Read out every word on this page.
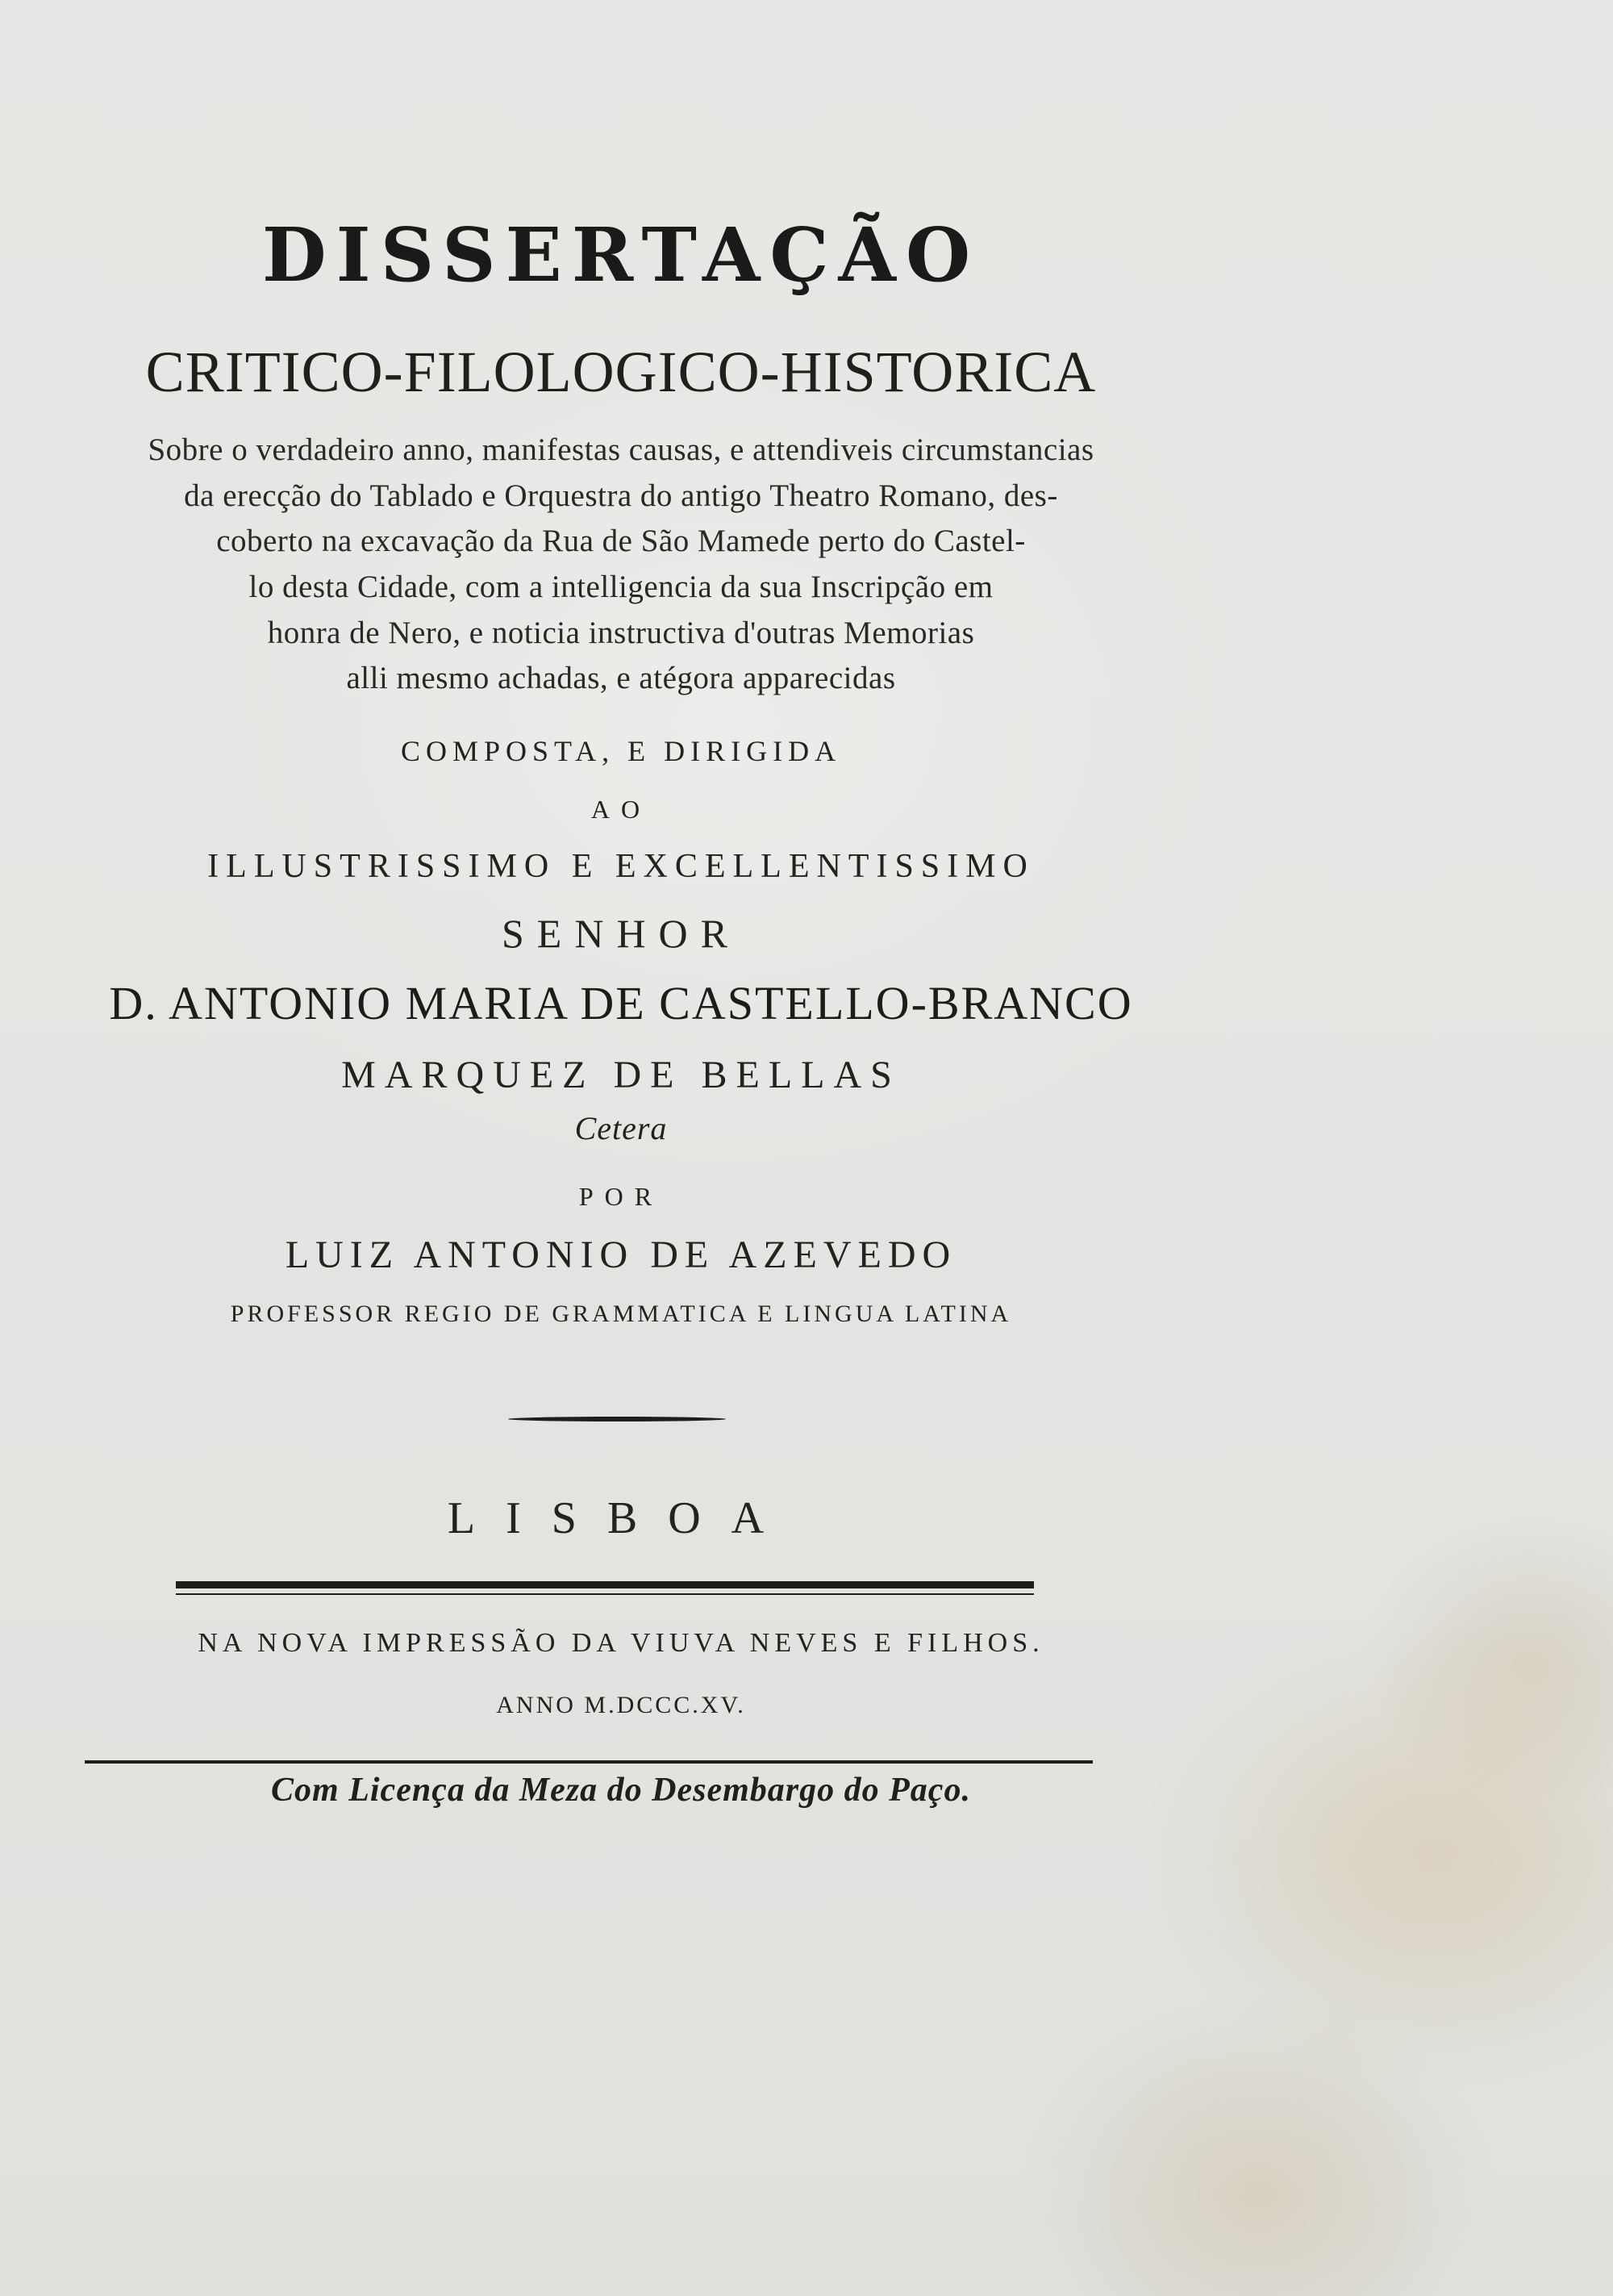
DISSERTAÇÃO
CRITICO-FILOLOGICO-HISTORICA
Sobre o verdadeiro anno, manifestas causas, e attendiveis circumstancias
da erecção do Tablado e Orquestra do antigo Theatro Romano, des-
coberto na excavação da Rua de São Mamede perto do Castel-
lo desta Cidade, com a intelligencia da sua Inscripção em
honra de Nero, e noticia instructiva d'outras Memorias
alli mesmo achadas, e atégora apparecidas
COMPOSTA, E DIRIGIDA
AO
ILLUSTRISSIMO E EXCELLENTISSIMO
SENHOR
D. ANTONIO MARIA DE CASTELLO-BRANCO
MARQUEZ DE BELLAS
Cetera
POR
LUIZ ANTONIO DE AZEVEDO
PROFESSOR REGIO DE GRAMMATICA E LINGUA LATINA
LISBOA
NA NOVA IMPRESSÃO DA VIUVA NEVES E FILHOS.
ANNO M.DCCC.XV.
Com Licença da Meza do Desembargo do Paço.
